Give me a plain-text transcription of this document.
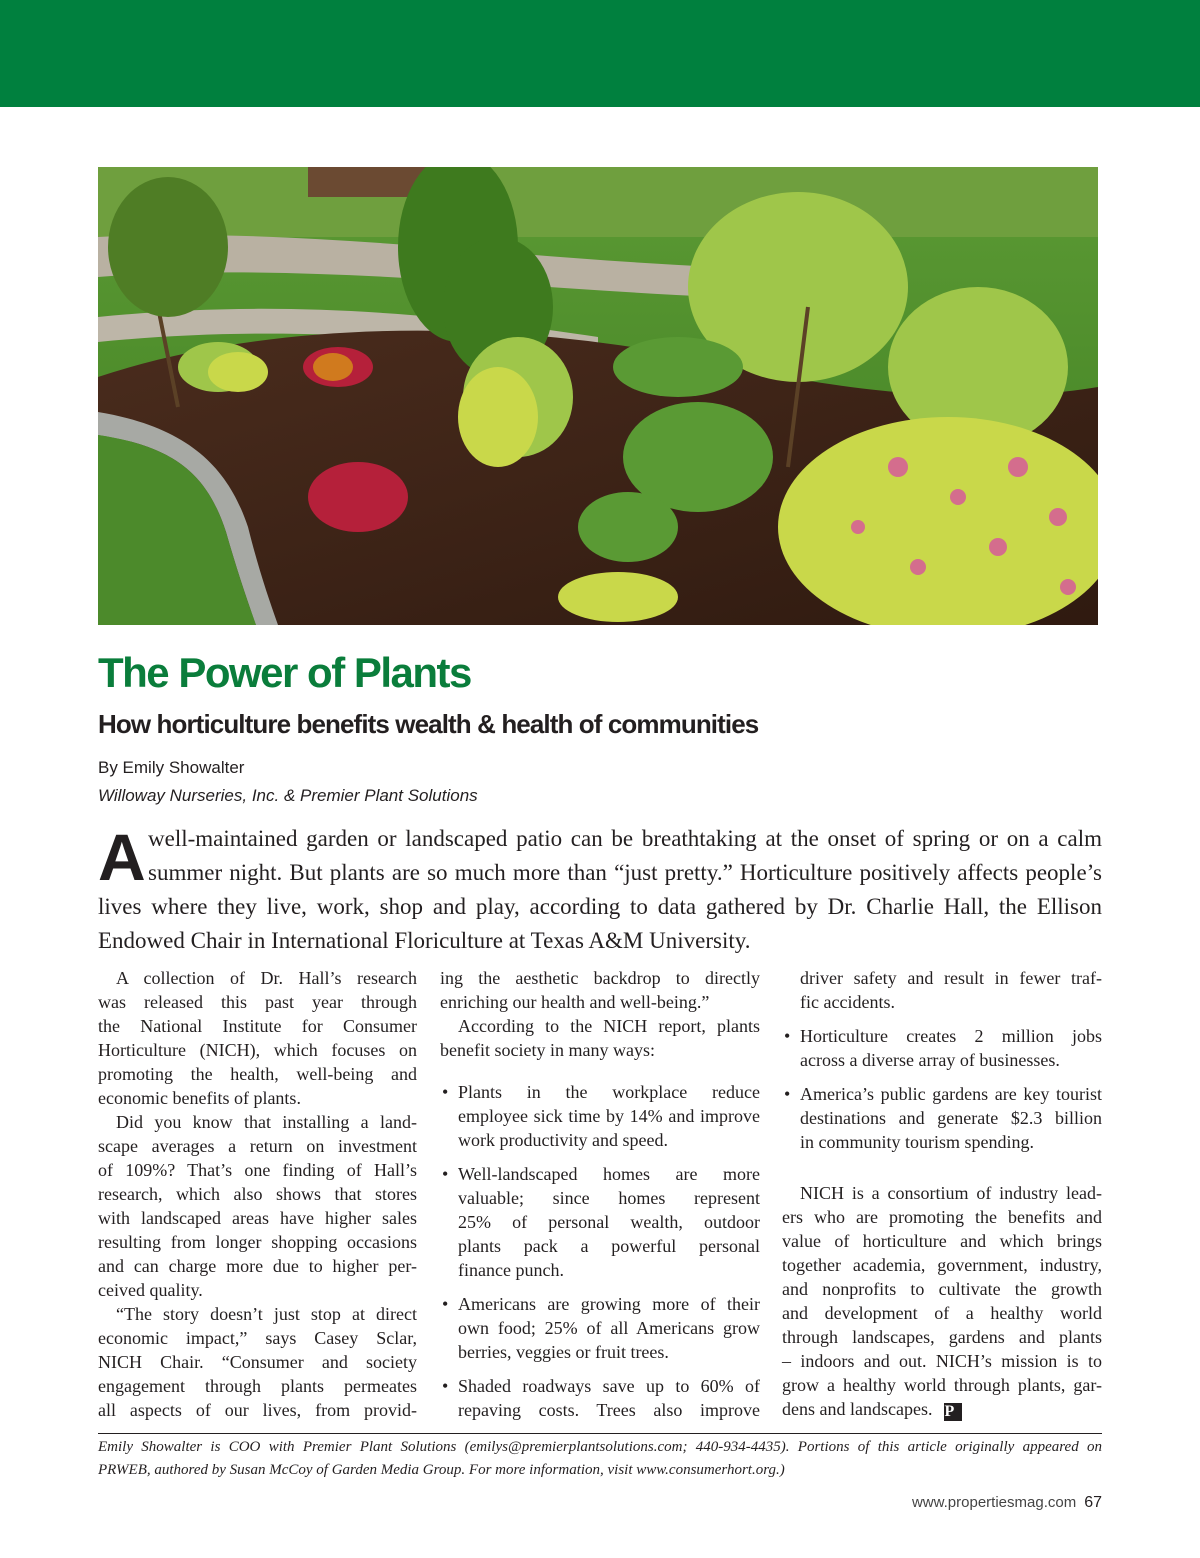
The Power of Plants
How horticulture benefits wealth & health of communities

By Emily Showalter

Willoway Nurseries, Inc. & Premier Plant Solutions

A well-maintained garden or landscaped patio can be breathtaking at the onset of spring or on a calm
summer night. But plants are so much more than “just pretty.” Horticulture positively affects people’s
lives where they live, work, shop and play, according to data gathered by Dr. Charlie Hall, the Ellison
Endowed Chair in International Floriculture at Texas A&M University.
A collection of Dr. Hall’s research
was released this past year through
the National Institute for Consumer
Horticulture (NICH), which focuses on
promoting the health, well-being and
economic benefits of plants.
Did you know that installing a land-
scape averages a return on investment
of 109%? That’s one finding of Hall’s
research, which also shows that stores
with landscaped areas have higher sales
resulting from longer shopping occasions
and can charge more due to higher per-
ceived quality.
“The story doesn’t just stop at direct
economic impact,” says Casey Sclar,
NICH Chair. “Consumer and society
engagement through plants permeates
all aspects of our lives, from provid-
ing the aesthetic backdrop to directly
enriching our health and well-being.”
According to the NICH report, plants
benefit society in many ways:
• Plants in the workplace reduce
employee sick time by 14% and improve
work productivity and speed.
• Well-landscaped homes are more
valuable; since homes represent
25% of personal wealth, outdoor
plants pack a powerful personal
finance punch.
• Americans are growing more of their
own food; 25% of all Americans grow
berries, veggies or fruit trees.
• Shaded roadways save up to 60% of
repaving costs. Trees also improve
driver safety and result in fewer traf-
fic accidents.
• Horticulture creates 2 million jobs
across a diverse array of businesses.
• America’s public gardens are key tourist
destinations and generate $2.3 billion
in community tourism spending.
NICH is a consortium of industry lead-
ers who are promoting the benefits and
value of horticulture and which brings
together academia, government, industry,
and nonprofits to cultivate the growth
and development of a healthy world
through landscapes, gardens and plants
– indoors and out. NICH’s mission is to
grow a healthy world through plants, gar-
dens and landscapes. P
Emily Showalter is COO with Premier Plant Solutions (emilys@premierplantsolutions.com; 440-934-4435). Portions of this article originally appeared on
PRWEB, authored by Susan McCoy of Garden Media Group. For more information, visit www.consumerhort.org.)
www.propertiesmag.com 67
